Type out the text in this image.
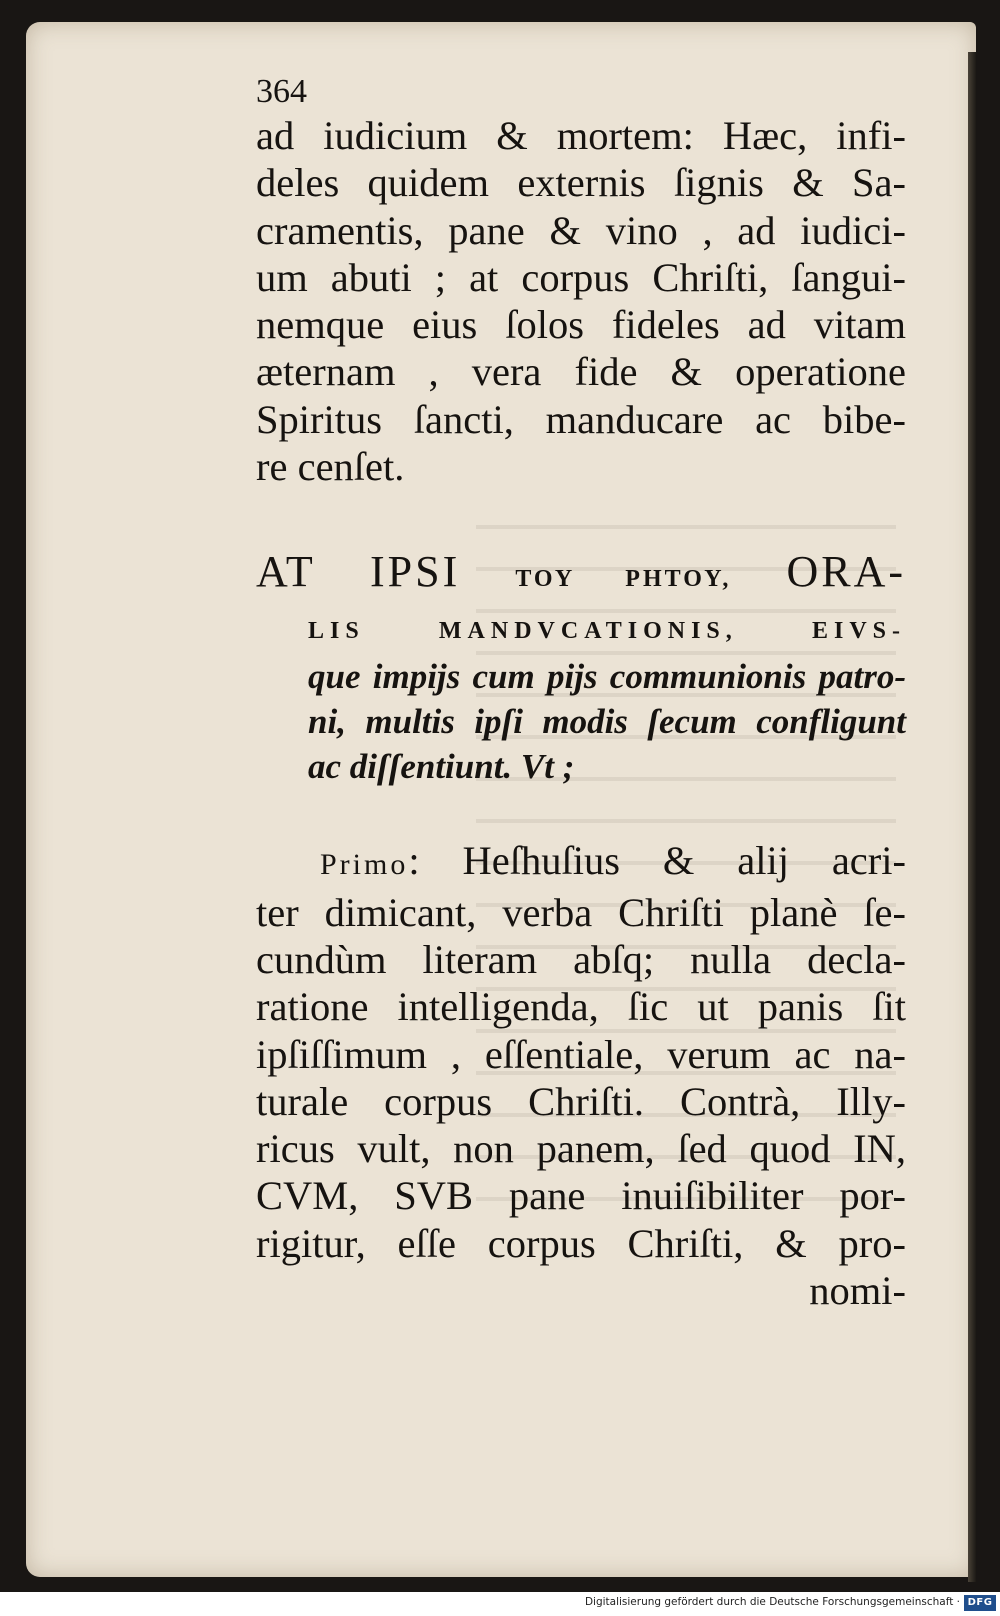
364
ad iudicium & mortem: Hæc, infi-
deles quidem externis ſignis & Sa-
cramentis, pane & vino , ad iudici-
um abuti ; at corpus Chriſti, ſangui-
nemque eius ſolos fideles ad vitam
æternam , vera fide & operatione
Spiritus ſancti, manducare ac bibe-
re cenſet.
AT IPSI ΤΟΥ ΡΗΤΟΥ, ORA-
LIS MANDVCATIONIS, EIVS-
que impijs cum pijs communionis patro-
ni, multis ipſi modis ſecum confligunt
ac diſſentiunt. Vt ;
Primo: Heſhuſius & alij acri-
ter dimicant, verba Chriſti planè ſe-
cundùm literam abſq; nulla decla-
ratione intelligenda, ſic ut panis ſit
ipſiſſimum , eſſentiale, verum ac na-
turale corpus Chriſti. Contrà, Illy-
ricus vult, non panem, ſed quod IN,
CVM, SVB pane inuiſibiliter por-
rigitur, eſſe corpus Chriſti, & pro-
nomi-
Digitalisierung gefördert durch die Deutsche Forschungsgemeinschaft · DFG
